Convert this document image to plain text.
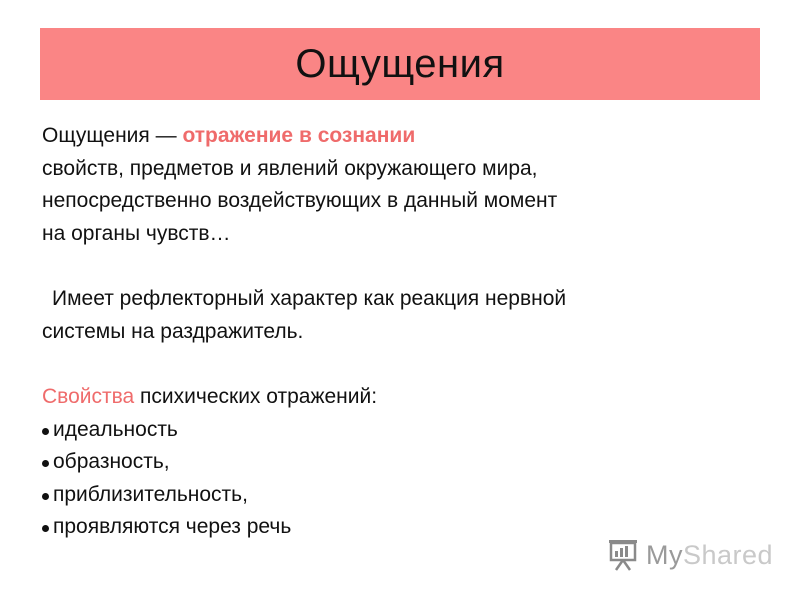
Ощущения

Ощущения — отражение в сознании

свойств, предметов и явлений окружающего мира,

непосредственно воздействующих в данный момент

на органы чувств…

Имеет рефлекторный характер как реакция нервной

системы на раздражитель.

Свойства психических отражений:

идеальность
образность,
приблизительность,
проявляются через речь
MyShared
